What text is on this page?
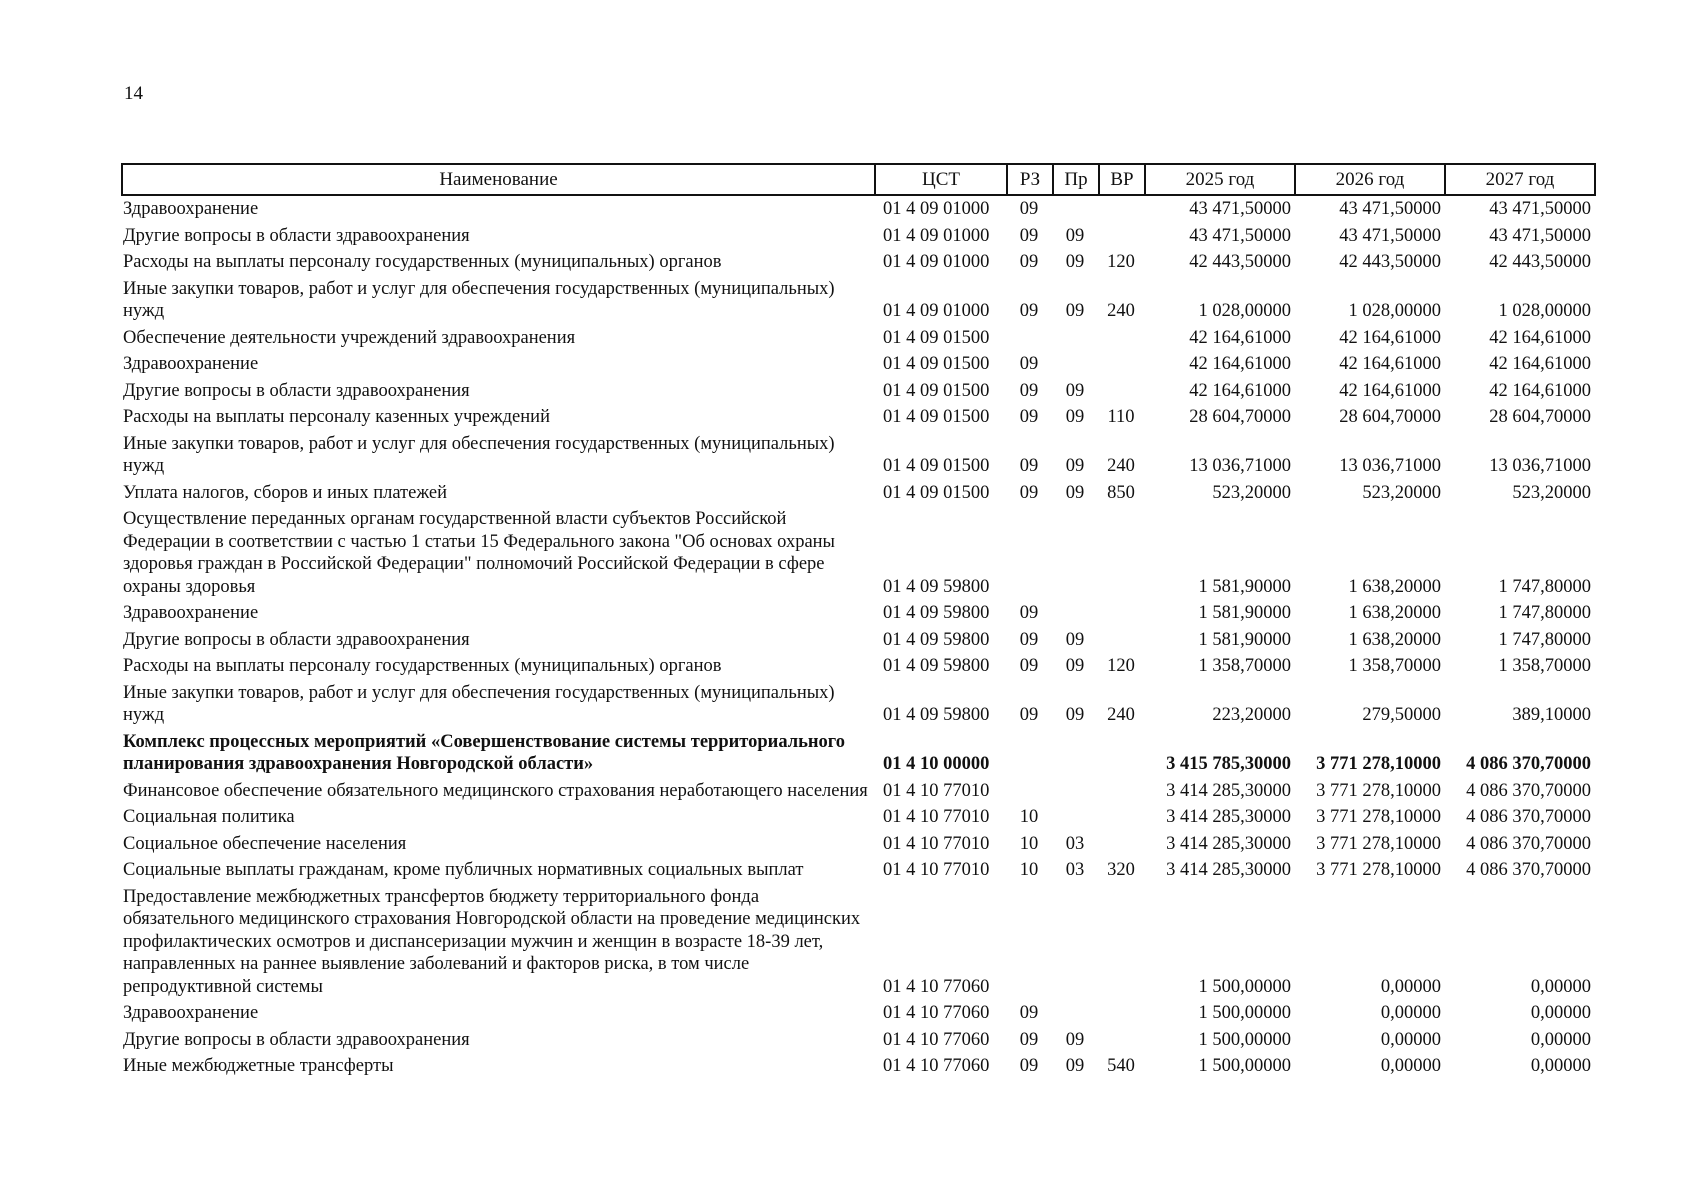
14
Наименование	ЦСТ	РЗ	Пр	ВР	2025 год	2026 год	2027 год
Здравоохранение	01 4 09 01000	09			43 471,50000	43 471,50000	43 471,50000
Другие вопросы в области здравоохранения	01 4 09 01000	09	09		43 471,50000	43 471,50000	43 471,50000
Расходы на выплаты персоналу государственных (муниципальных) органов	01 4 09 01000	09	09	120	42 443,50000	42 443,50000	42 443,50000
Иные закупки товаров, работ и услуг для обеспечения государственных (муниципальных) нужд	01 4 09 01000	09	09	240	1 028,00000	1 028,00000	1 028,00000
Обеспечение деятельности учреждений здравоохранения	01 4 09 01500				42 164,61000	42 164,61000	42 164,61000
Здравоохранение	01 4 09 01500	09			42 164,61000	42 164,61000	42 164,61000
Другие вопросы в области здравоохранения	01 4 09 01500	09	09		42 164,61000	42 164,61000	42 164,61000
Расходы на выплаты персоналу казенных учреждений	01 4 09 01500	09	09	110	28 604,70000	28 604,70000	28 604,70000
Иные закупки товаров, работ и услуг для обеспечения государственных (муниципальных) нужд	01 4 09 01500	09	09	240	13 036,71000	13 036,71000	13 036,71000
Уплата налогов, сборов и иных платежей	01 4 09 01500	09	09	850	523,20000	523,20000	523,20000
Осуществление переданных органам государственной власти субъектов Российской Федерации в соответствии с частью 1 статьи 15 Федерального закона "Об основах охраны здоровья граждан в Российской Федерации" полномочий Российской Федерации в сфере охраны здоровья	01 4 09 59800				1 581,90000	1 638,20000	1 747,80000
Здравоохранение	01 4 09 59800	09			1 581,90000	1 638,20000	1 747,80000
Другие вопросы в области здравоохранения	01 4 09 59800	09	09		1 581,90000	1 638,20000	1 747,80000
Расходы на выплаты персоналу государственных (муниципальных) органов	01 4 09 59800	09	09	120	1 358,70000	1 358,70000	1 358,70000
Иные закупки товаров, работ и услуг для обеспечения государственных (муниципальных) нужд	01 4 09 59800	09	09	240	223,20000	279,50000	389,10000
Комплекс процессных мероприятий «Совершенствование системы территориального планирования здравоохранения Новгородской области»	01 4 10 00000				3 415 785,30000	3 771 278,10000	4 086 370,70000
Финансовое обеспечение обязательного медицинского страхования неработающего населения	01 4 10 77010				3 414 285,30000	3 771 278,10000	4 086 370,70000
Социальная политика	01 4 10 77010	10			3 414 285,30000	3 771 278,10000	4 086 370,70000
Социальное обеспечение населения	01 4 10 77010	10	03		3 414 285,30000	3 771 278,10000	4 086 370,70000
Социальные выплаты гражданам, кроме публичных нормативных социальных выплат	01 4 10 77010	10	03	320	3 414 285,30000	3 771 278,10000	4 086 370,70000
Предоставление межбюджетных трансфертов бюджету территориального фонда обязательного медицинского страхования Новгородской области на проведение медицинских профилактических осмотров и диспансеризации мужчин и женщин в возрасте 18-39 лет, направленных на раннее выявление заболеваний и факторов риска, в том числе репродуктивной системы	01 4 10 77060				1 500,00000	0,00000	0,00000
Здравоохранение	01 4 10 77060	09			1 500,00000	0,00000	0,00000
Другие вопросы в области здравоохранения	01 4 10 77060	09	09		1 500,00000	0,00000	0,00000
Иные межбюджетные трансферты	01 4 10 77060	09	09	540	1 500,00000	0,00000	0,00000
